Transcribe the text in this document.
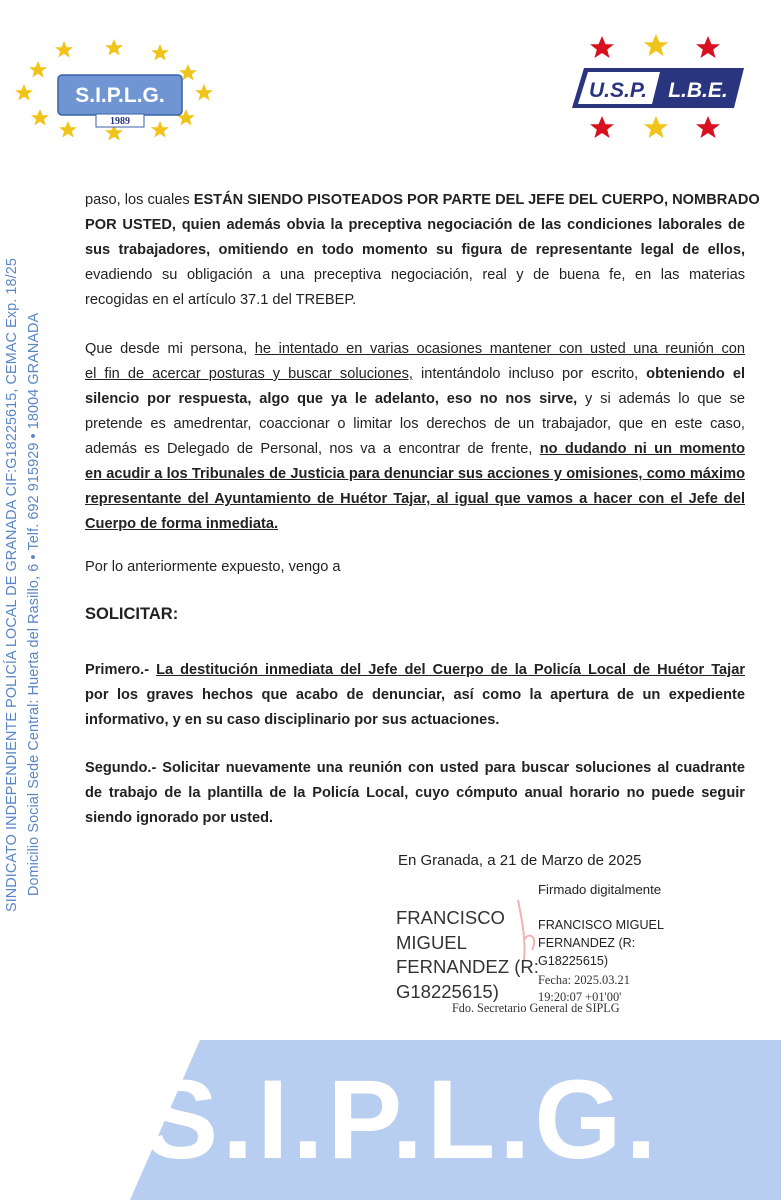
S.I.P.L.G.
1989
U.S.P. L.B.E.
SINDICATO INDEPENDIENTE POLICÍA LOCAL DE GRANADA CIF:G18225615, CEMAC Exp. 18/25 Domicilio Social Sede Central: Huerta del Rasillo, 6 • Telf. 692 915929 • 18004 GRANADA
paso, los cuales ESTÁN SIENDO PISOTEADOS POR PARTE DEL JEFE DEL CUERPO, NOMBRADO
POR USTED, quien además obvia la preceptiva negociación de las condiciones laborales de
sus trabajadores, omitiendo en todo momento su figura de representante legal de ellos,
evadiendo su obligación a una preceptiva negociación, real y de buena fe, en las materias
recogidas en el artículo 37.1 del TREBEP.
Que desde mi persona, he intentado en varias ocasiones mantener con usted una reunión con
el fin de acercar posturas y buscar soluciones, intentándolo incluso por escrito, obteniendo el
silencio por respuesta, algo que ya le adelanto, eso no nos sirve, y si además lo que se
pretende es amedrentar, coaccionar o limitar los derechos de un trabajador, que en este caso,
además es Delegado de Personal, nos va a encontrar de frente, no dudando ni un momento
en acudir a los Tribunales de Justicia para denunciar sus acciones y omisiones, como máximo
representante del Ayuntamiento de Huétor Tajar, al igual que vamos a hacer con el Jefe del
Cuerpo de forma inmediata.
Por lo anteriormente expuesto, vengo a
SOLICITAR:
Primero.- La destitución inmediata del Jefe del Cuerpo de la Policía Local de Huétor Tajar
por los graves hechos que acabo de denunciar, así como la apertura de un expediente
informativo, y en su caso disciplinario por sus actuaciones.
Segundo.- Solicitar nuevamente una reunión con usted para buscar soluciones al cuadrante
de trabajo de la plantilla de la Policía Local, cuyo cómputo anual horario no puede seguir
siendo ignorado por usted.
En Granada, a 21 de Marzo de 2025
FRANCISCO MIGUEL FERNANDEZ (R: G18225615)
Firmado digitalmente
FRANCISCO MIGUEL FERNANDEZ (R: G18225615)
Fecha: 2025.03.21
19:20:07 +01'00'
Fdo. Secretario General de SIPLG
S.I.P.L.G.
